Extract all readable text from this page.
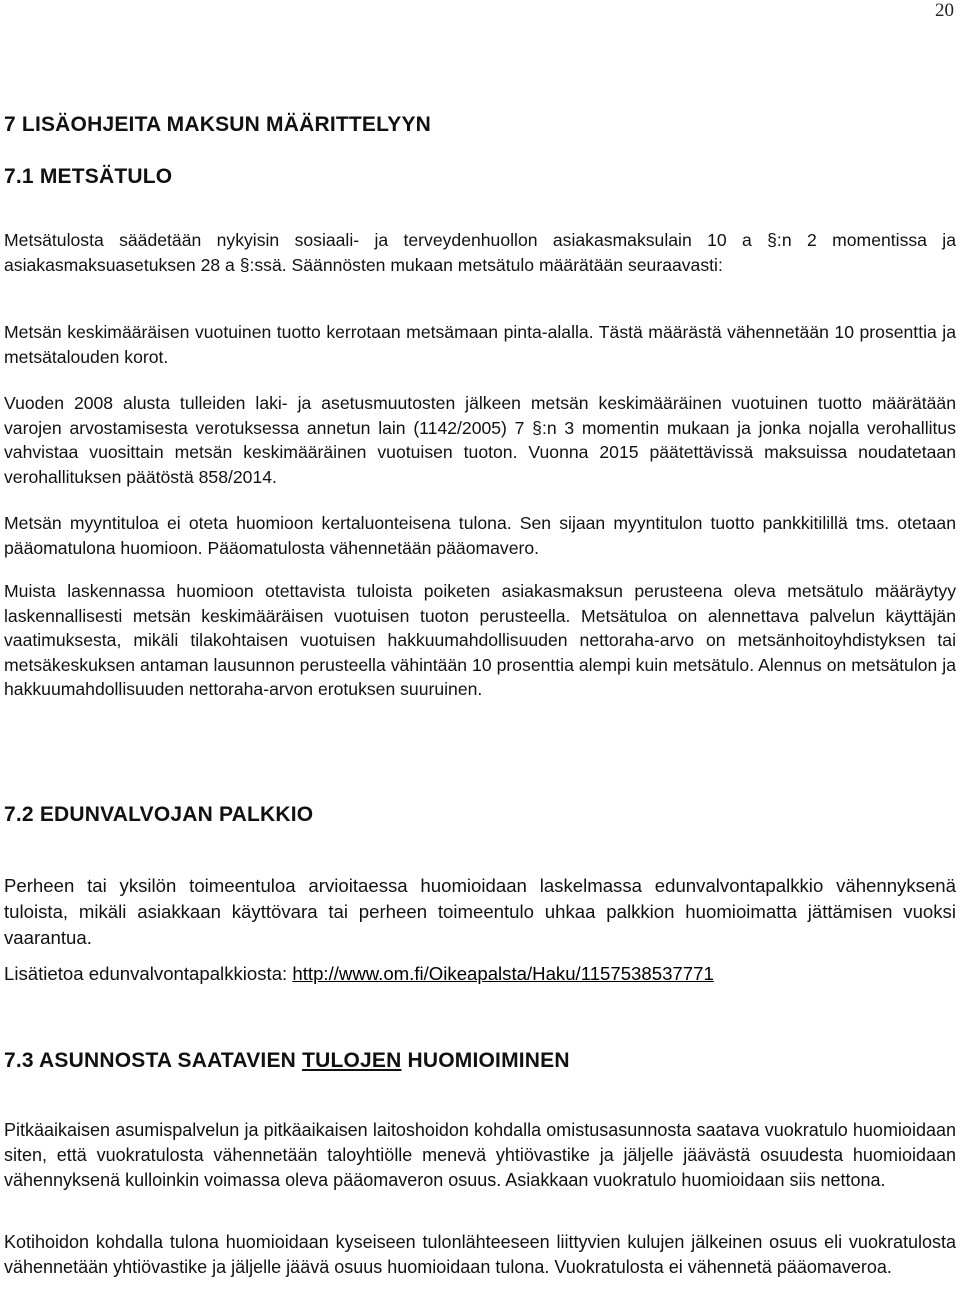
20
7 LISÄOHJEITA MAKSUN MÄÄRITTELYYN
7.1 METSÄTULO

Metsätulosta säädetään nykyisin sosiaali- ja terveydenhuollon asiakasmaksulain 10 a §:n 2 momentissa ja asiakasmaksuasetuksen 28 a §:ssä. Säännösten mukaan metsätulo määrätään seuraavasti:

Metsän keskimääräisen vuotuinen tuotto kerrotaan metsämaan pinta-alalla. Tästä määrästä vähennetään 10 prosenttia ja metsätalouden korot.

Vuoden 2008 alusta tulleiden laki- ja asetusmuutosten jälkeen metsän keskimääräinen vuotuinen tuotto määrätään varojen arvostamisesta verotuksessa annetun lain (1142/2005) 7 §:n 3 momentin mukaan ja jonka nojalla verohallitus vahvistaa vuosittain metsän keskimääräinen vuotuisen tuoton. Vuonna 2015 päätettävissä maksuissa noudatetaan verohallituksen päätöstä 858/2014.

Metsän myyntituloa ei oteta huomioon kertaluonteisena tulona. Sen sijaan myyntitulon tuotto pankkitilillä tms. otetaan pääomatulona huomioon. Pääomatulosta vähennetään pääomavero.

Muista laskennassa huomioon otettavista tuloista poiketen asiakasmaksun perusteena oleva metsätulo määräytyy laskennallisesti metsän keskimääräisen vuotuisen tuoton perusteella. Metsätuloa on alennettava palvelun käyttäjän vaatimuksesta, mikäli tilakohtaisen vuotuisen hakkuumahdollisuuden nettoraha-arvo on metsänhoitoyhdistyksen tai metsäkeskuksen antaman lausunnon perusteella vähintään 10 prosenttia alempi kuin metsätulo. Alennus on metsätulon ja hakkuumahdollisuuden nettoraha-arvon erotuksen suuruinen.

7.2 EDUNVALVOJAN PALKKIO

Perheen tai yksilön toimeentuloa arvioitaessa huomioidaan laskelmassa edunvalvontapalkkio vähennyksenä tuloista, mikäli asiakkaan käyttövara tai perheen toimeentulo uhkaa palkkion huomioimatta jättämisen vuoksi vaarantua.

Lisätietoa edunvalvontapalkkiosta: http://www.om.fi/Oikeapalsta/Haku/1157538537771

7.3 ASUNNOSTA SAATAVIEN TULOJEN HUOMIOIMINEN

Pitkäaikaisen asumispalvelun ja pitkäaikaisen laitoshoidon kohdalla omistusasunnosta saatava vuokratulo huomioidaan siten, että vuokratulosta vähennetään taloyhtiölle menevä yhtiövastike ja jäljelle jäävästä osuudesta huomioidaan vähennyksenä kulloinkin voimassa oleva pääomaveron osuus. Asiakkaan vuokratulo huomioidaan siis nettona.

Kotihoidon kohdalla tulona huomioidaan kyseiseen tulonlähteeseen liittyvien kulujen jälkeinen osuus eli vuokratulosta vähennetään yhtiövastike ja jäljelle jäävä osuus huomioidaan tulona. Vuokratulosta ei vähennetä pääomaveroa.
